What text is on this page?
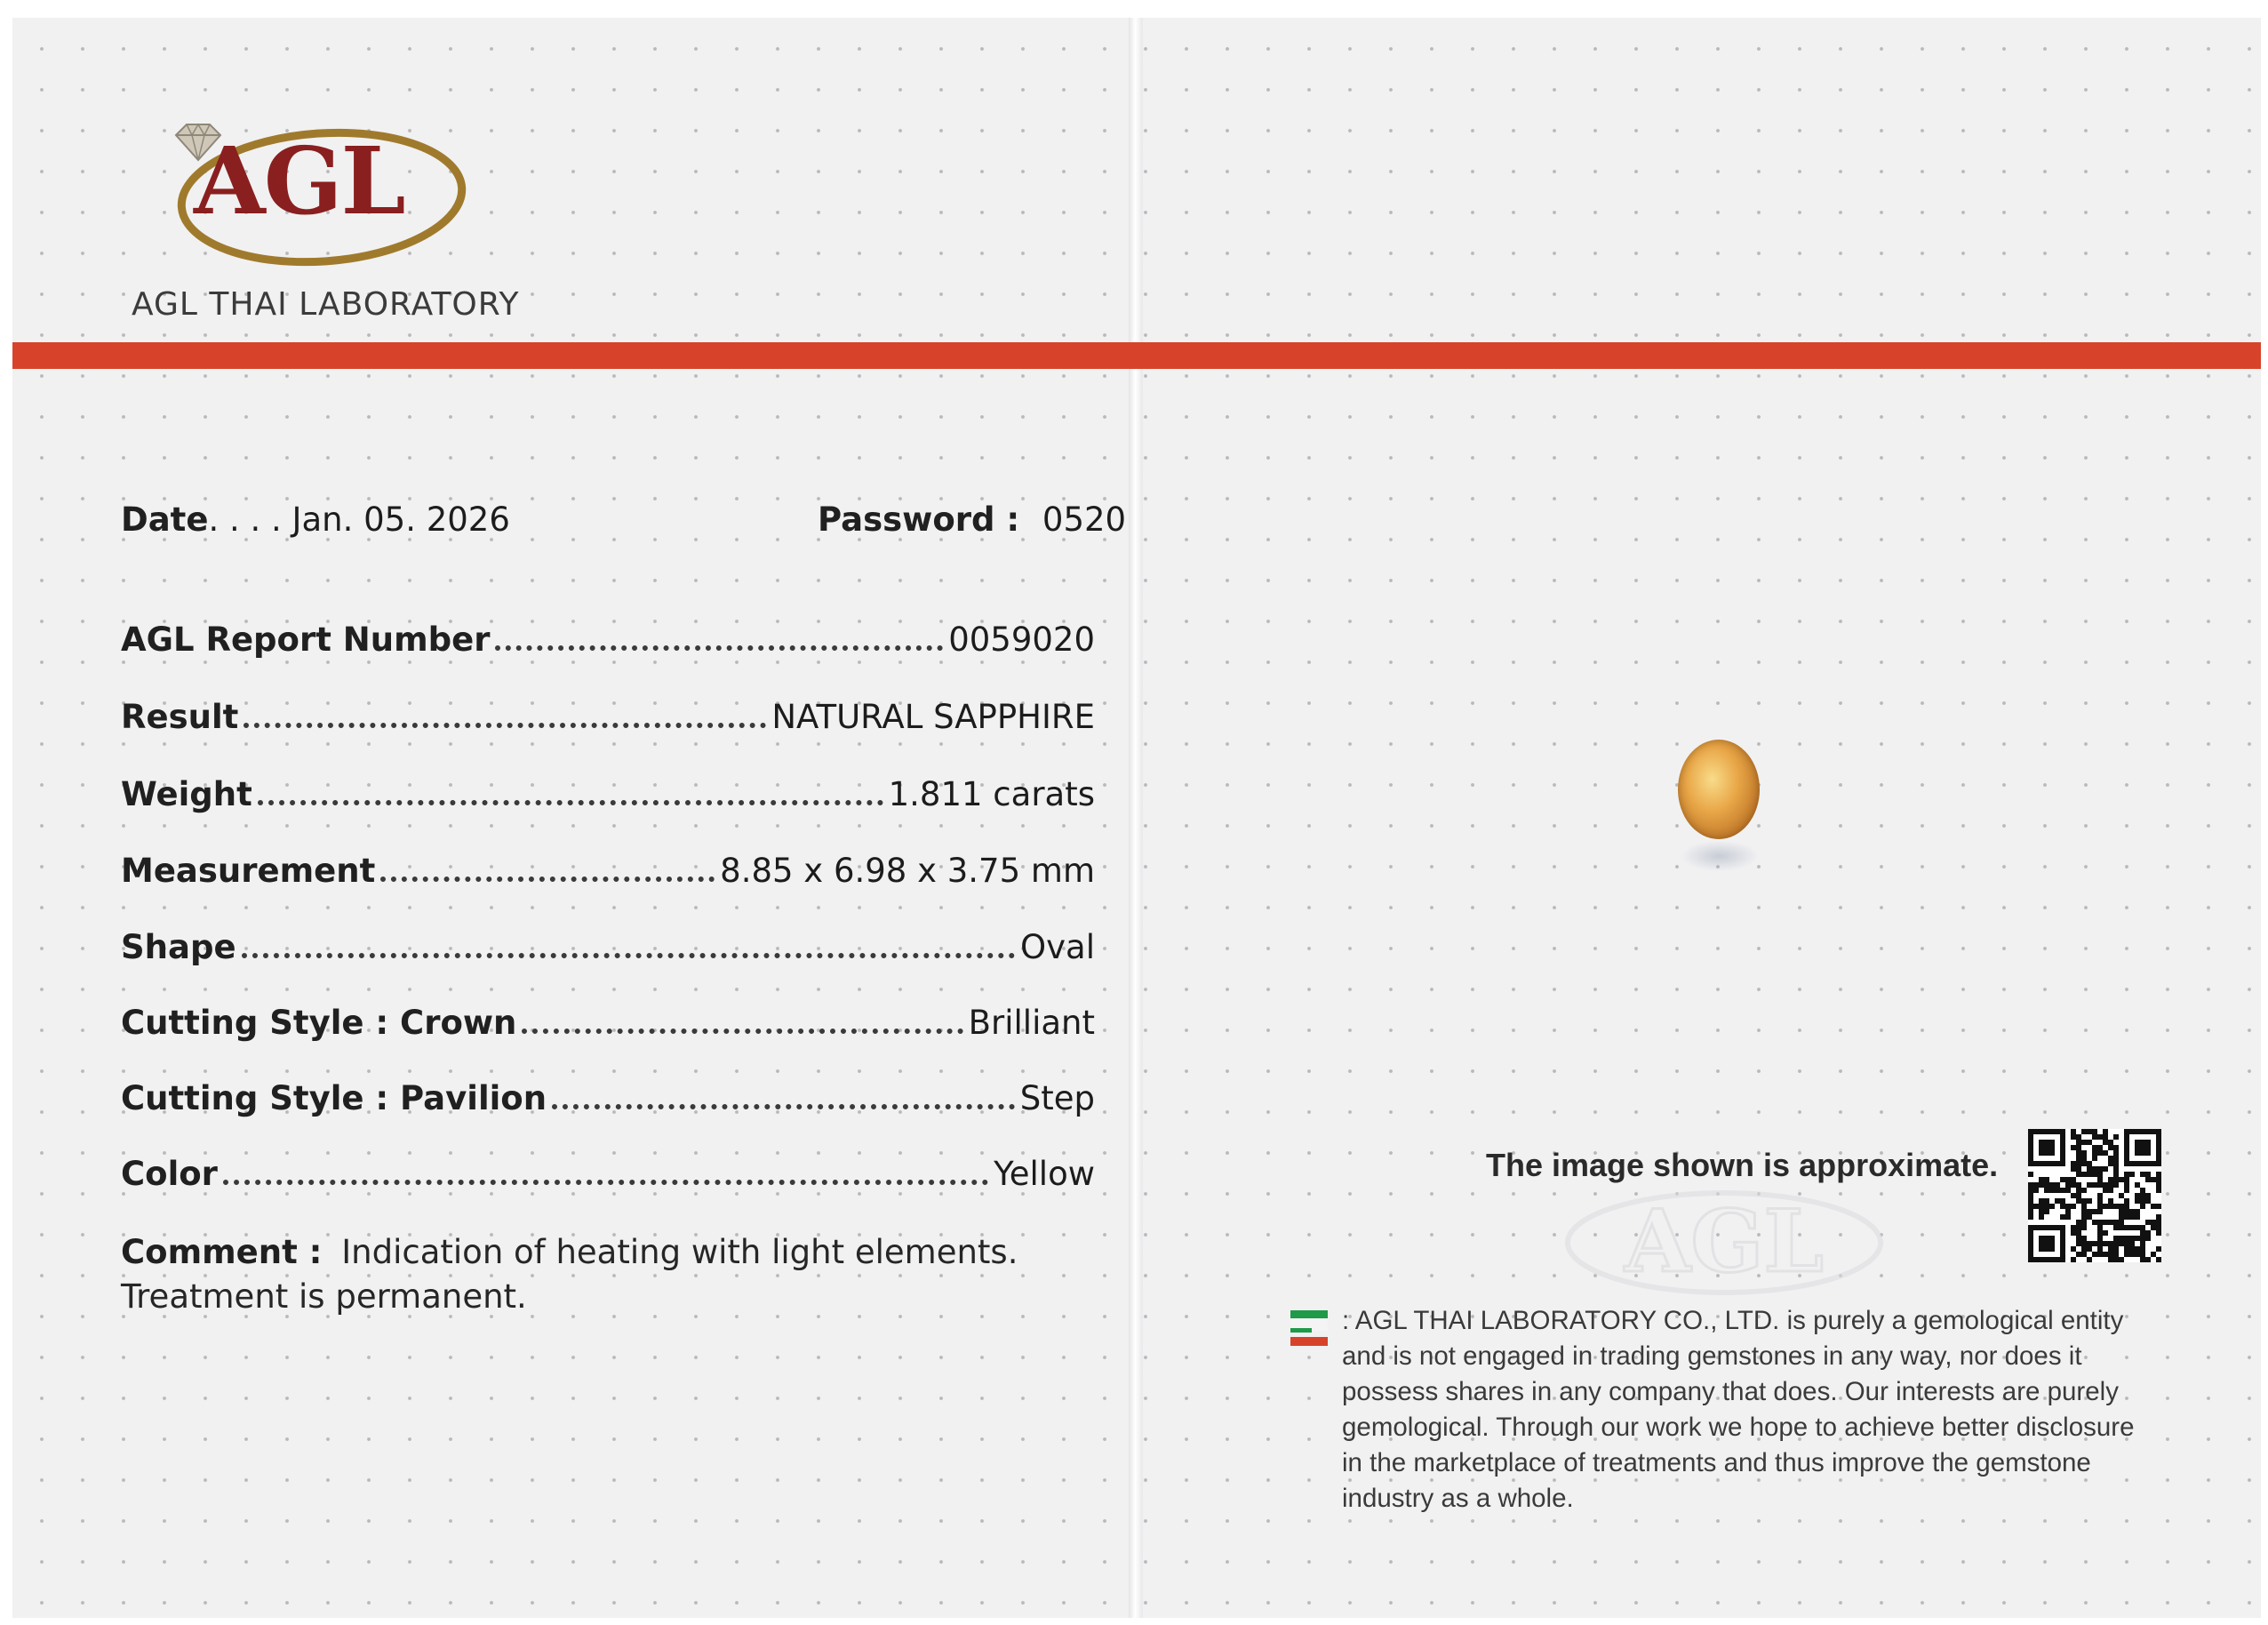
AGL
AGL THAI LABORATORY
Date. . . . Jan. 05. 2026	Password : 0520
AGL Report Number	0059020
Result	NATURAL SAPPHIRE
Weight	1.811 carats
Measurement	8.85 x 6.98 x 3.75 mm
Shape	Oval
Cutting Style : Crown	Brilliant
Cutting Style : Pavilion	Step
Color	Yellow
Comment : Indication of heating with light elements.
Treatment is permanent.
The image shown is approximate.
AGL
: AGL THAI LABORATORY CO., LTD. is purely a gemological entity and is not engaged in trading gemstones in any way, nor does it possess shares in any company that does. Our interests are purely gemological. Through our work we hope to achieve better disclosure in the marketplace of treatments and thus improve the gemstone industry as a whole.
